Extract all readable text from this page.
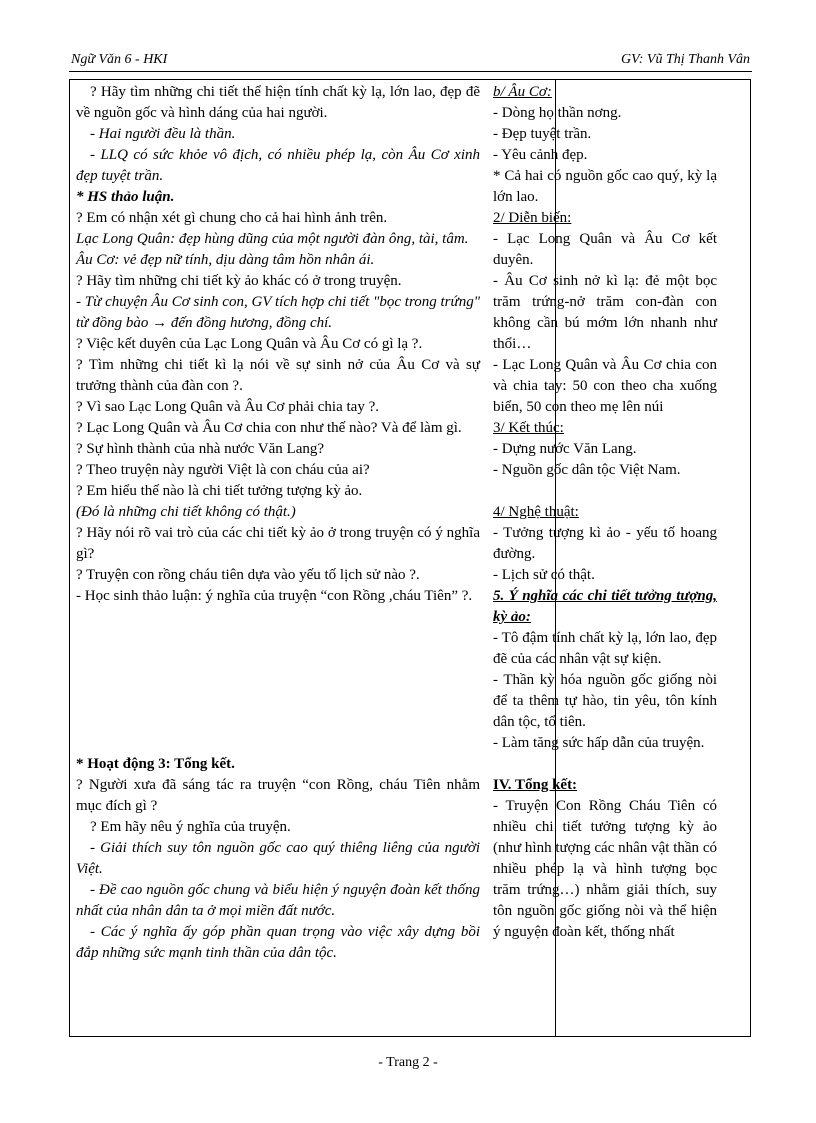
Ngữ Văn 6 - HKI	GV: Vũ Thị Thanh Vân

? Hãy tìm những chi tiết thể hiện tính chất kỳ lạ, lớn lao, đẹp đẽ về nguồn gốc và hình dáng của hai người.

- Hai người đều là thần.

- LLQ có sức khỏe vô địch, có nhiều phép lạ, còn Âu Cơ xinh đẹp tuyệt trần.

* HS thảo luận.

? Em có nhận xét gì chung cho cả hai hình ảnh trên.

Lạc Long Quân: đẹp hùng dũng của một người đàn ông, tài, tâm.

Âu Cơ: vẻ đẹp nữ tính, dịu dàng tâm hồn nhân ái.

? Hãy tìm những chi tiết kỳ ảo khác có ở trong truyện.

- Từ chuyện Âu Cơ sinh con, GV tích hợp chi tiết "bọc trong trứng" từ đồng bào → đến đồng hương, đồng chí.

? Việc kết duyên của Lạc Long Quân và Âu Cơ có gì lạ ?.

? Tìm những chi tiết kì lạ nói về sự sinh nở của Âu Cơ và sự trưởng thành của đàn con ?.

? Vì sao Lạc Long Quân và Âu Cơ phải chia tay ?.

? Lạc Long Quân và Âu Cơ chia con như thế nào? Và để làm gì.

? Sự hình thành của nhà nước Văn Lang?

? Theo truyện này người Việt là con cháu của ai?

? Em hiểu thế nào là chi tiết tưởng tượng kỳ ảo.

(Đó là những chi tiết không có thật.)

? Hãy nói rõ vai trò của các chi tiết kỳ ảo ở trong truyện có ý nghĩa gì?

? Truyện con rồng cháu tiên dựa vào yếu tố lịch sử nào ?.

- Học sinh thảo luận: ý nghĩa của truyện “con Rồng ,cháu Tiên” ?.

* Hoạt động 3: Tổng kết.

? Người xưa đã sáng tác ra truyện “con Rồng, cháu Tiên nhằm mục đích gì ?

? Em hãy nêu ý nghĩa của truyện.

- Giải thích suy tôn nguồn gốc cao quý thiêng liêng của người Việt.

- Đề cao nguồn gốc chung và biểu hiện ý nguyện đoàn kết thống nhất của nhân dân ta ở mọi miền đất nước.

- Các ý nghĩa ấy góp phần quan trọng vào việc xây dựng bồi đắp những sức mạnh tinh thần của dân tộc.

b/ Âu Cơ:

- Dòng họ thần nơng.

- Đẹp tuyệt trần.

- Yêu cảnh đẹp.

* Cả hai có nguồn gốc cao quý, kỳ lạ lớn lao.

2/ Diễn biến:

- Lạc Long Quân và Âu Cơ kết duyên.

- Âu Cơ sinh nở kì lạ: đẻ một bọc trăm trứng-nở trăm con-đàn con không cần bú mớm lớn nhanh như thổi…

- Lạc Long Quân và Âu Cơ chia con và chia tay: 50 con theo cha xuống biển, 50 con theo mẹ lên núi

3/ Kết thúc:

- Dựng nước Văn Lang.

- Nguồn gốc dân tộc Việt Nam.

4/ Nghệ thuật:

- Tưởng tượng kì ảo - yếu tố hoang đường.

- Lịch sử có thật.

5. Ý nghĩa các chi tiết tưởng tượng, kỳ ảo:

- Tô đậm tính chất kỳ lạ, lớn lao, đẹp đẽ của các nhân vật sự kiện.

- Thần kỳ hóa nguồn gốc giống nòi để ta thêm tự hào, tin yêu, tôn kính dân tộc, tổ tiên.

- Làm tăng sức hấp dẫn của truyện.

IV. Tổng kết:

- Truyện Con Rồng Cháu Tiên có nhiều chi tiết tưởng tượng kỳ ảo (như hình tượng các nhân vật thần có nhiều phép lạ và hình tượng bọc trăm trứng…) nhằm giải thích, suy tôn nguồn gốc giống nòi và thể hiện ý nguyện đoàn kết, thống nhất

- Trang 2 -
